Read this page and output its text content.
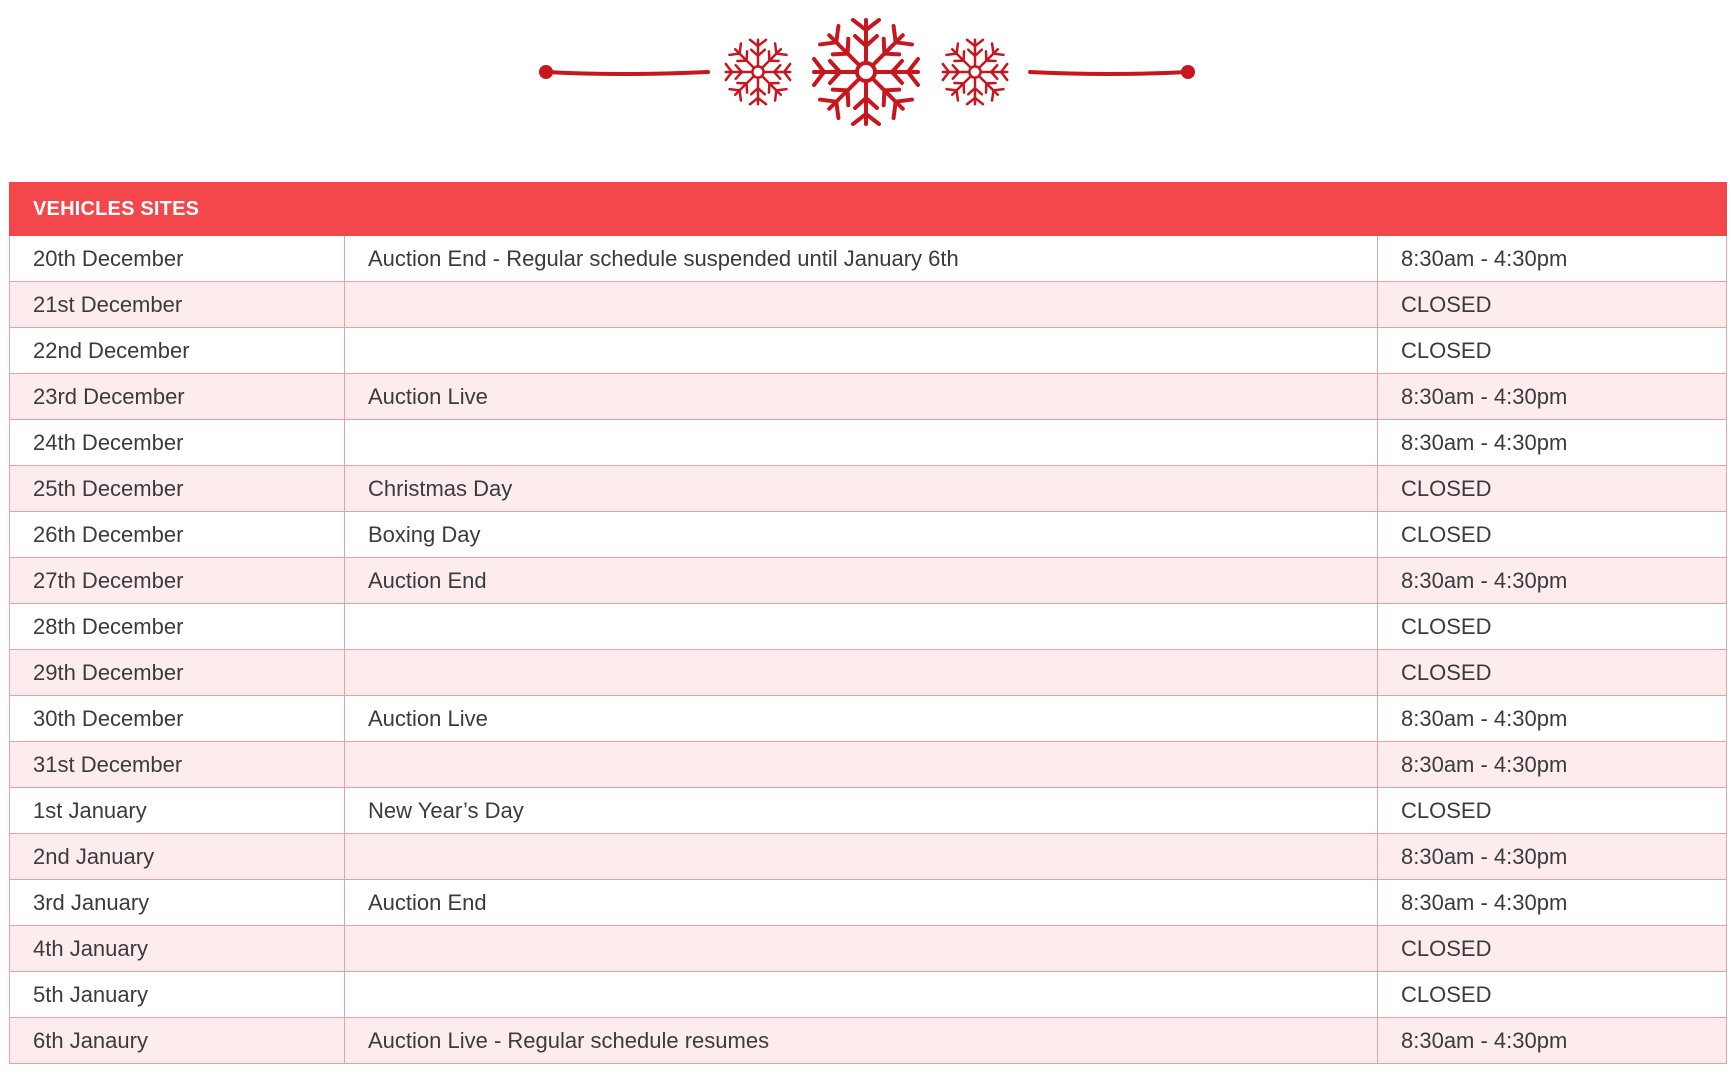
VEHICLES SITES		
20th December	Auction End - Regular schedule suspended until January 6th	8:30am - 4:30pm
21st December		CLOSED
22nd December		CLOSED
23rd December	Auction Live	8:30am - 4:30pm
24th December		8:30am - 4:30pm
25th December	Christmas Day	CLOSED
26th December	Boxing Day	CLOSED
27th December	Auction End	8:30am - 4:30pm
28th December		CLOSED
29th December		CLOSED
30th December	Auction Live	8:30am - 4:30pm
31st December		8:30am - 4:30pm
1st January	New Year’s Day	CLOSED
2nd January		8:30am - 4:30pm
3rd January	Auction End	8:30am - 4:30pm
4th January		CLOSED
5th January		CLOSED
6th Janaury	Auction Live - Regular schedule resumes	8:30am - 4:30pm
